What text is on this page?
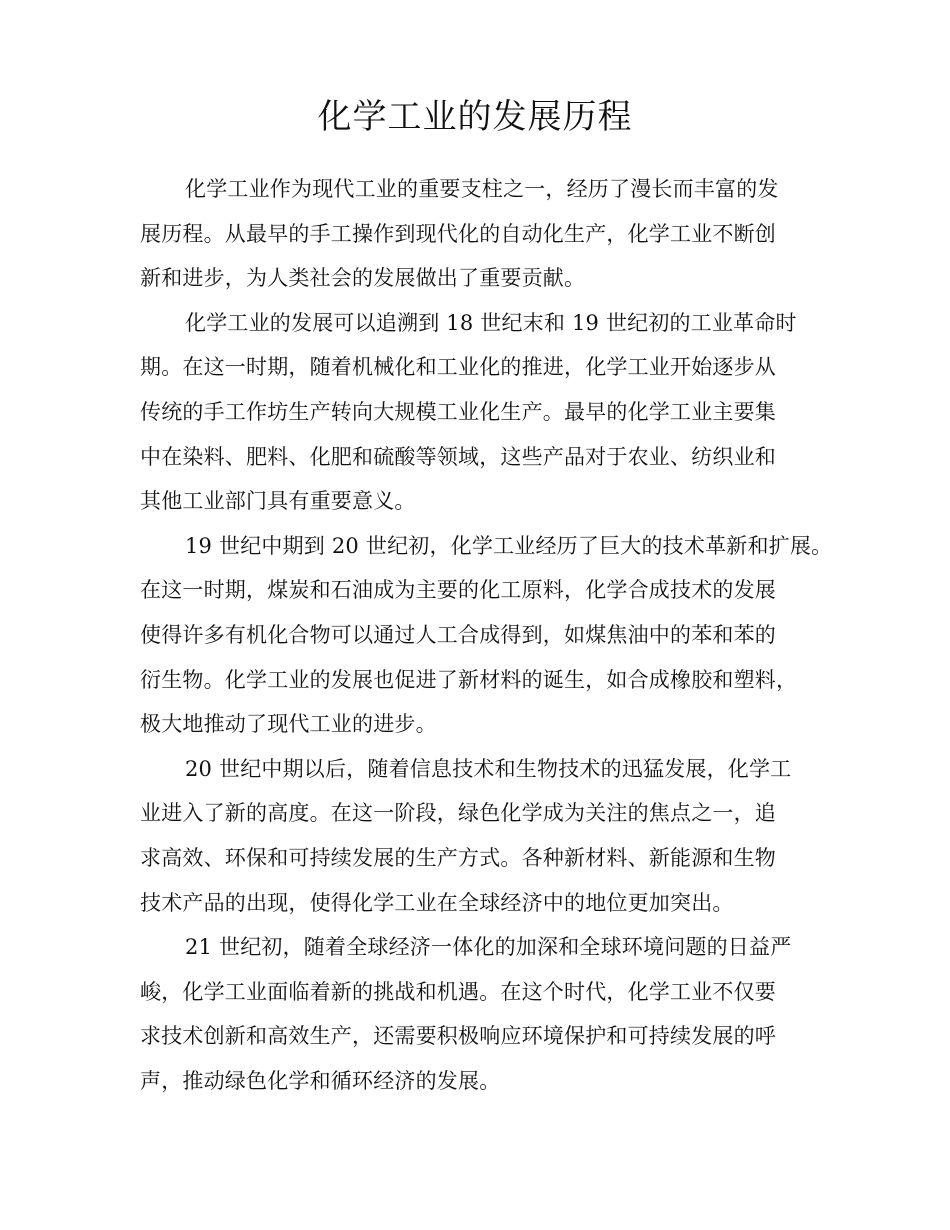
化学工业的发展历程
化学工业作为现代工业的重要支柱之一，经历了漫长而丰富的发
展历程。从最早的手工操作到现代化的自动化生产，化学工业不断创
新和进步，为人类社会的发展做出了重要贡献。
化学工业的发展可以追溯到 18 世纪末和 19 世纪初的工业革命时
期。在这一时期，随着机械化和工业化的推进，化学工业开始逐步从
传统的手工作坊生产转向大规模工业化生产。最早的化学工业主要集
中在染料、肥料、化肥和硫酸等领域，这些产品对于农业、纺织业和
其他工业部门具有重要意义。
19 世纪中期到 20 世纪初，化学工业经历了巨大的技术革新和扩展。
在这一时期，煤炭和石油成为主要的化工原料，化学合成技术的发展
使得许多有机化合物可以通过人工合成得到，如煤焦油中的苯和苯的
衍生物。化学工业的发展也促进了新材料的诞生，如合成橡胶和塑料，
极大地推动了现代工业的进步。
20 世纪中期以后，随着信息技术和生物技术的迅猛发展，化学工
业进入了新的高度。在这一阶段，绿色化学成为关注的焦点之一，追
求高效、环保和可持续发展的生产方式。各种新材料、新能源和生物
技术产品的出现，使得化学工业在全球经济中的地位更加突出。
21 世纪初，随着全球经济一体化的加深和全球环境问题的日益严
峻，化学工业面临着新的挑战和机遇。在这个时代，化学工业不仅要
求技术创新和高效生产，还需要积极响应环境保护和可持续发展的呼
声，推动绿色化学和循环经济的发展。
